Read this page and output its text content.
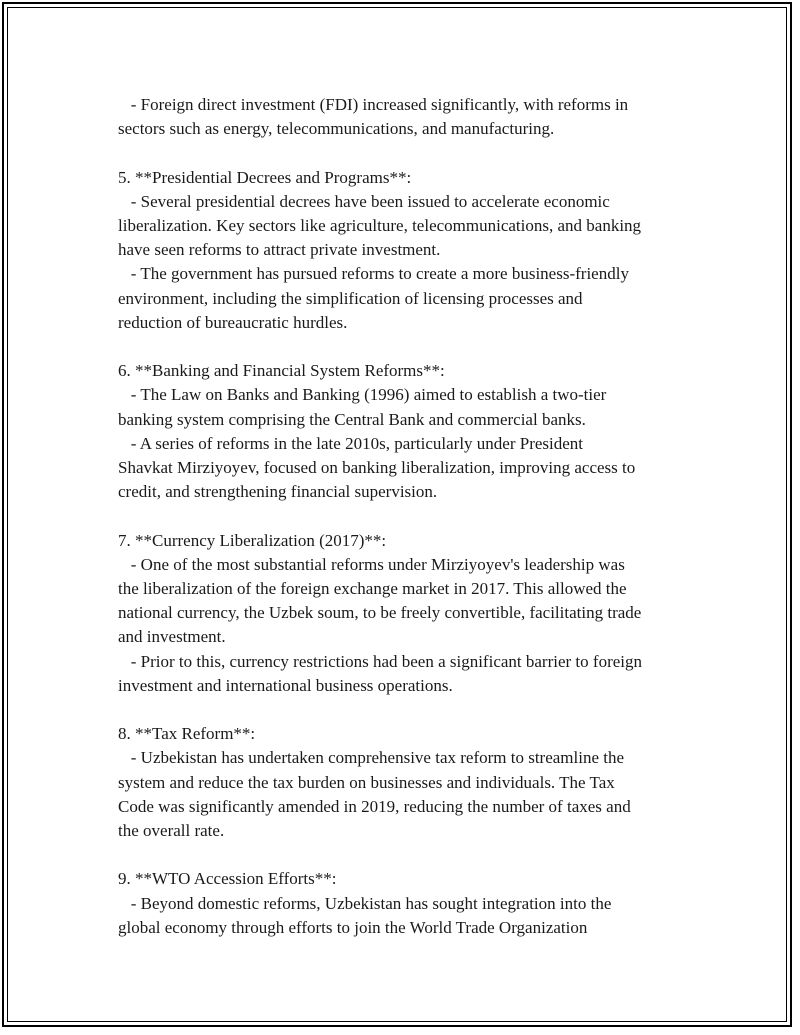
- Foreign direct investment (FDI) increased significantly, with reforms in
sectors such as energy, telecommunications, and manufacturing.
5. **Presidential Decrees and Programs**:
- Several presidential decrees have been issued to accelerate economic
liberalization. Key sectors like agriculture, telecommunications, and banking
have seen reforms to attract private investment.
- The government has pursued reforms to create a more business-friendly
environment, including the simplification of licensing processes and
reduction of bureaucratic hurdles.
6. **Banking and Financial System Reforms**:
- The Law on Banks and Banking (1996) aimed to establish a two-tier
banking system comprising the Central Bank and commercial banks.
- A series of reforms in the late 2010s, particularly under President
Shavkat Mirziyoyev, focused on banking liberalization, improving access to
credit, and strengthening financial supervision.
7. **Currency Liberalization (2017)**:
- One of the most substantial reforms under Mirziyoyev's leadership was
the liberalization of the foreign exchange market in 2017. This allowed the
national currency, the Uzbek soum, to be freely convertible, facilitating trade
and investment.
- Prior to this, currency restrictions had been a significant barrier to foreign
investment and international business operations.
8. **Tax Reform**:
- Uzbekistan has undertaken comprehensive tax reform to streamline the
system and reduce the tax burden on businesses and individuals. The Tax
Code was significantly amended in 2019, reducing the number of taxes and
the overall rate.
9. **WTO Accession Efforts**:
- Beyond domestic reforms, Uzbekistan has sought integration into the
global economy through efforts to join the World Trade Organization
